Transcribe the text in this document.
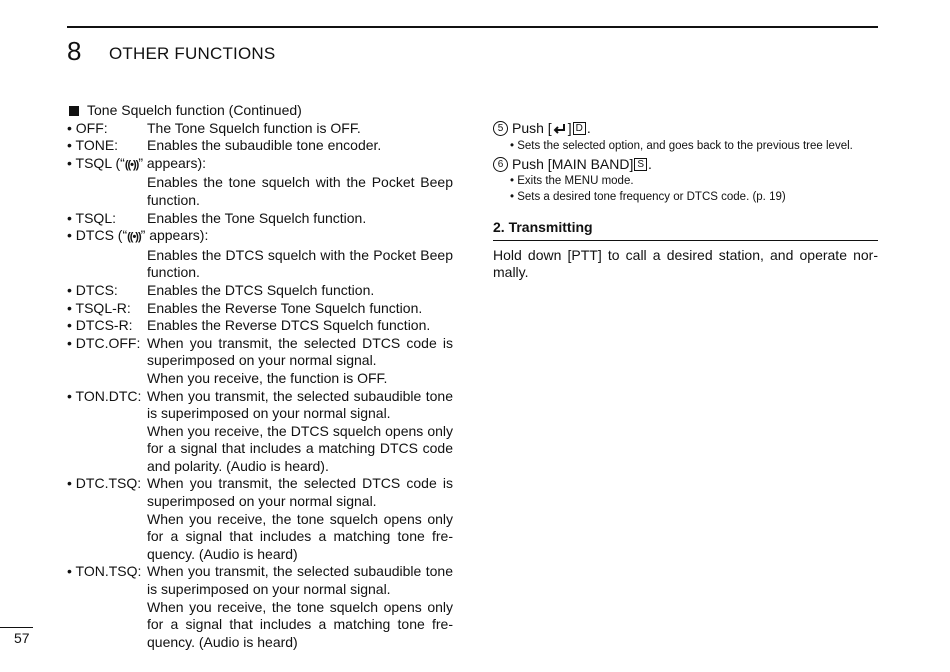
8 OTHER FUNCTIONS
Tone Squelch function (Continued)
• OFF:	The Tone Squelch function is OFF.
• TONE:	Enables the subaudible tone encoder.
• TSQL (“((•))” appears):
Enables the tone squelch with the Pocket Beep function.
• TSQL:	Enables the Tone Squelch function.
• DTCS (“((•))” appears):
Enables the DTCS squelch with the Pocket Beep function.
• DTCS:	Enables the DTCS Squelch function.
• TSQL-R:	Enables the Reverse Tone Squelch function.
• DTCS-R:	Enables the Reverse DTCS Squelch function.
• DTC.OFF: When you transmit, the selected DTCS code is superimposed on your normal signal.
When you receive, the function is OFF.
• TON.DTC: When you transmit, the selected subaudible tone is superimposed on your normal signal.
When you receive, the DTCS squelch opens only for a signal that includes a matching DTCS code and polarity. (Audio is heard).
• DTC.TSQ: When you transmit, the selected DTCS code is superimposed on your normal signal.
When you receive, the tone squelch opens only for a signal that includes a matching tone fre-quency. (Audio is heard)
• TON.TSQ: When you transmit, the selected subaudible tone is superimposed on your normal signal.
When you receive, the tone squelch opens only for a signal that includes a matching tone fre-quency. (Audio is heard)
5 Push [ ] D .
• Sets the selected option, and goes back to the previous tree level.
6 Push [MAIN BAND] S .
• Exits the MENU mode.
• Sets a desired tone frequency or DTCS code. (p. 19)
2. Transmitting
Hold down [PTT] to call a desired station, and operate nor-mally.
57
